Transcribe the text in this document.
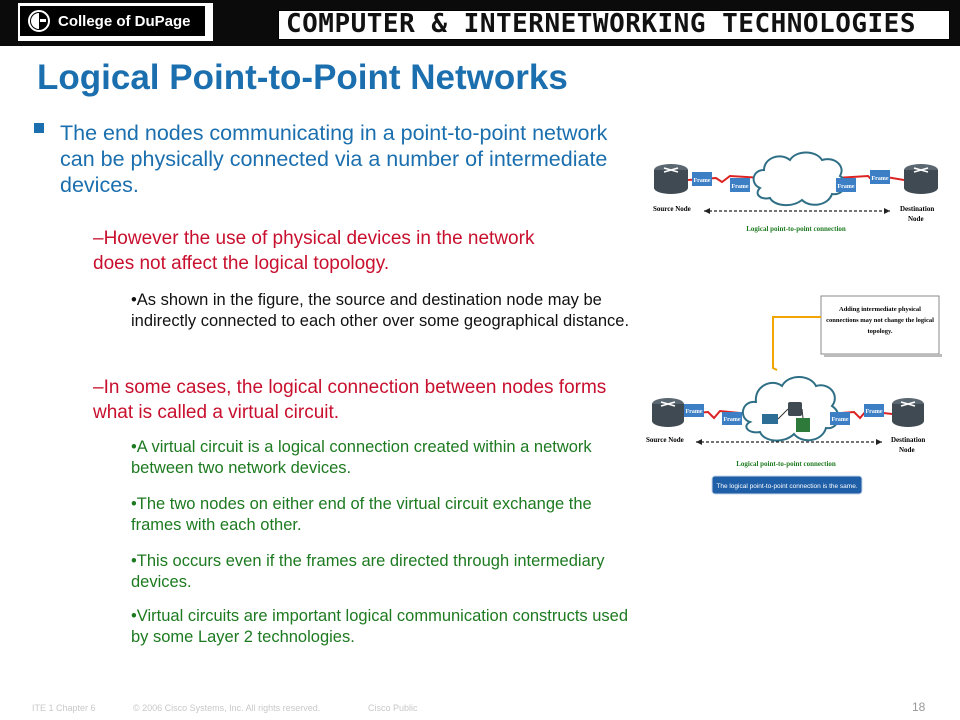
College of DuPage	COMPUTER & INTERNETWORKING TECHNOLOGIES
Logical Point-to-Point Networks

The end nodes communicating in a point-to-point network can be physically connected via a number of intermediate devices.

–However the use of physical devices in the network does not affect the logical topology.

•As shown in the figure, the source and destination node may be indirectly connected to each other over some geographical distance.

–In some cases, the logical connection between nodes forms what is called a virtual circuit.

•A virtual circuit is a logical connection created within a network between two network devices.

•The two nodes on either end of the virtual circuit exchange the frames with each other.

•This occurs even if the frames are directed through intermediary devices.

•Virtual circuits are important logical communication constructs used by some Layer 2 technologies.

Frame
Frame	Frame
Frame
Source Node	Destination
Node
Logical point-to-point connection
Adding intermediate physical
connections may not change the logical
topology.
Frame
Frame	Frame
Frame
Source Node	Destination
Node
Logical point-to-point connection
The logical point-to-point connection is the same.
ITE 1 Chapter 6	© 2006 Cisco Systems, Inc. All rights reserved.	Cisco Public	18
